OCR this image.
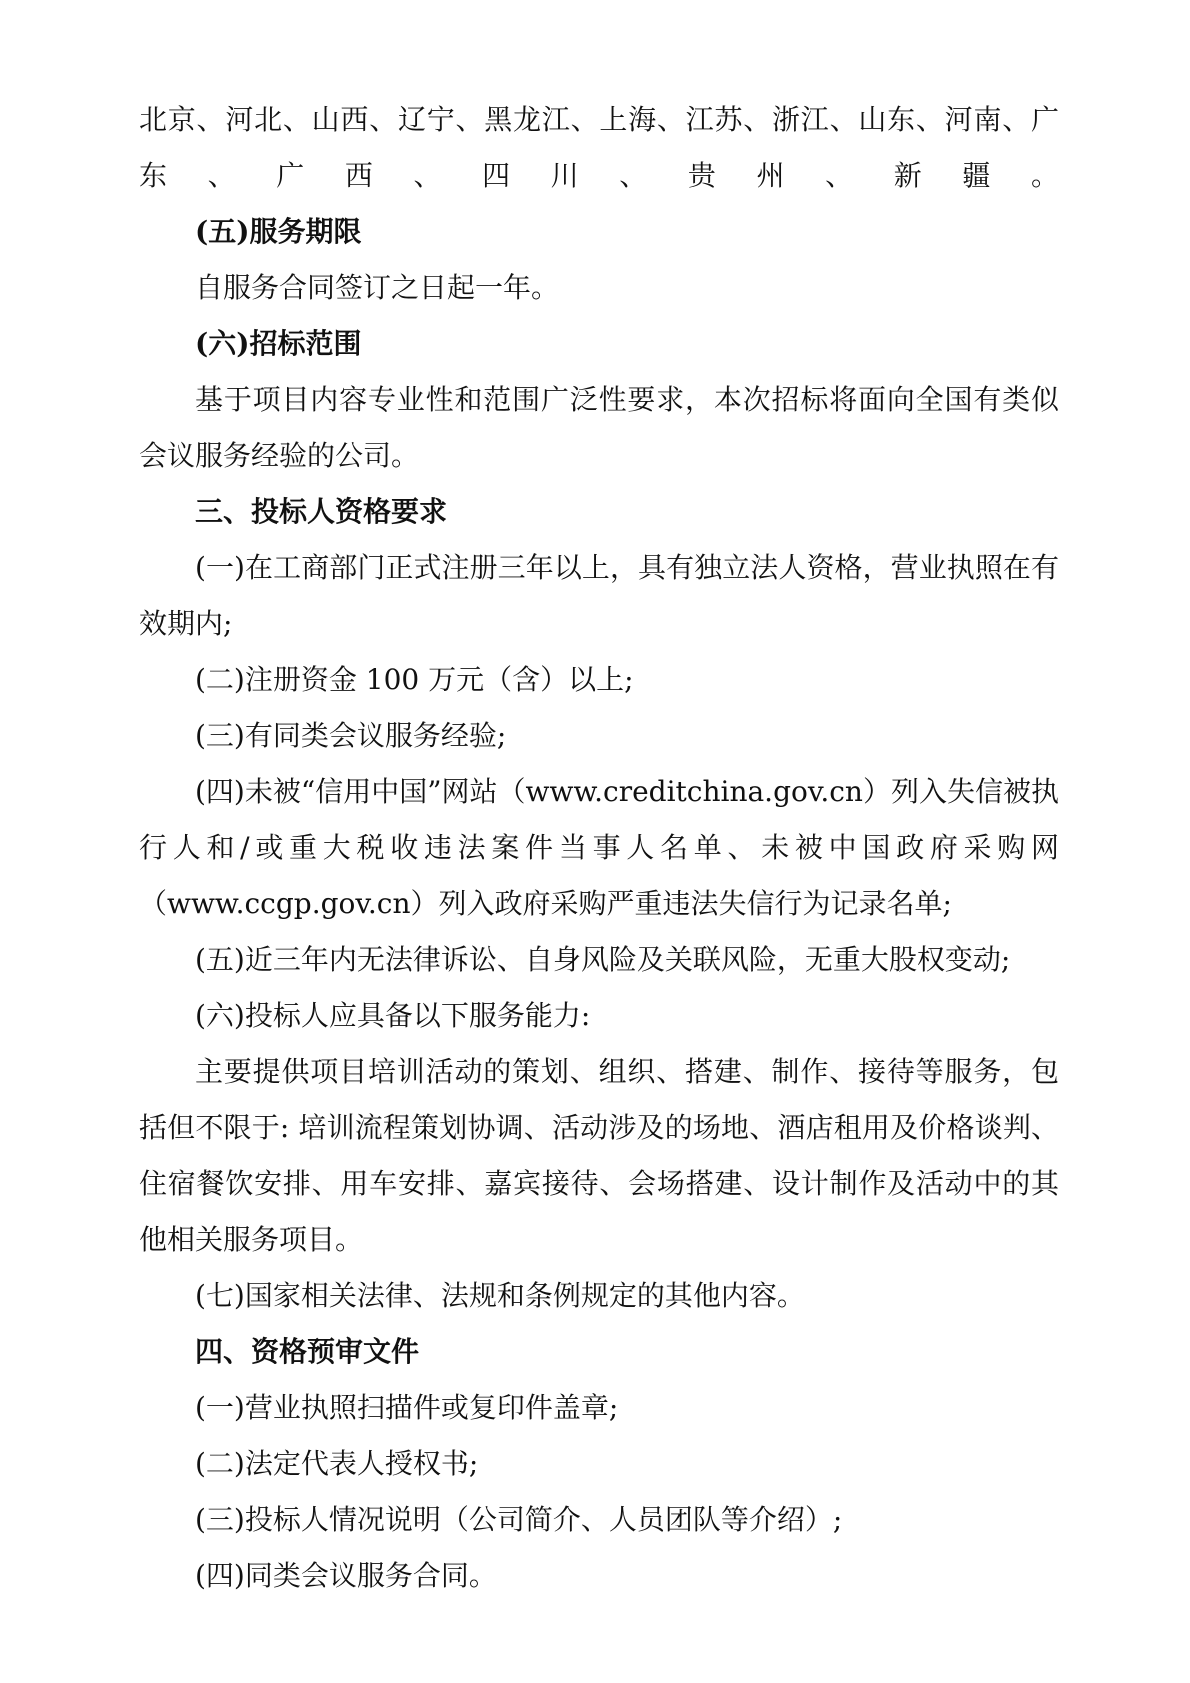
北京、河北、山西、辽宁、黑龙江、上海、江苏、浙江、山东、河南、广东、广西、四川、贵州、新疆。

(五)服务期限

自服务合同签订之日起一年。

(六)招标范围

基于项目内容专业性和范围广泛性要求，本次招标将面向全国有类似会议服务经验的公司。

三、投标人资格要求

(一)在工商部门正式注册三年以上，具有独立法人资格，营业执照在有效期内;

(二)注册资金 100 万元（含）以上;

(三)有同类会议服务经验;

(四)未被“信用中国”网站（www.creditchina.gov.cn）列入失信被执行人和/或重大税收违法案件当事人名单、未被中国政府采购网（www.ccgp.gov.cn）列入政府采购严重违法失信行为记录名单;

(五)近三年内无法律诉讼、自身风险及关联风险，无重大股权变动;

(六)投标人应具备以下服务能力:

主要提供项目培训活动的策划、组织、搭建、制作、接待等服务，包括但不限于: 培训流程策划协调、活动涉及的场地、酒店租用及价格谈判、住宿餐饮安排、用车安排、嘉宾接待、会场搭建、设计制作及活动中的其他相关服务项目。

(七)国家相关法律、法规和条例规定的其他内容。

四、资格预审文件

(一)营业执照扫描件或复印件盖章;

(二)法定代表人授权书;

(三)投标人情况说明（公司简介、人员团队等介绍）;

(四)同类会议服务合同。
